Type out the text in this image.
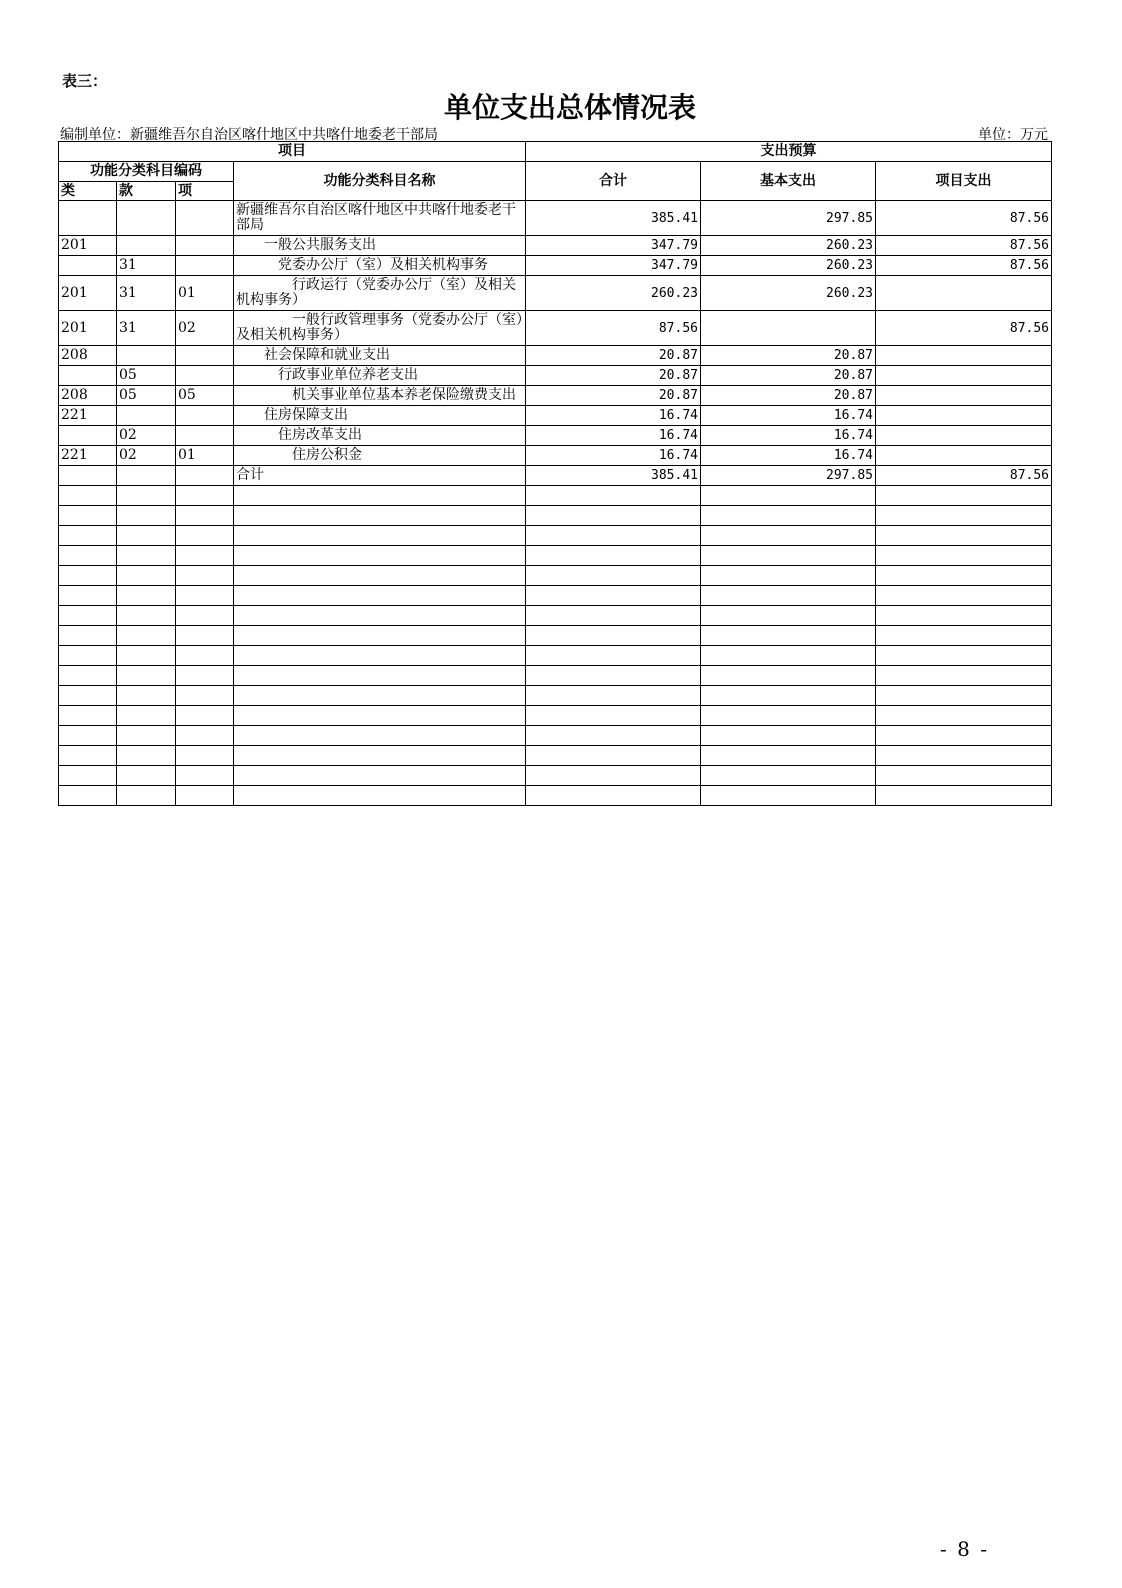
表三：
单位支出总体情况表
编制单位：新疆维吾尔自治区喀什地区中共喀什地委老干部局	单位：万元
项目				支出预算		
功能分类科目编码			功能分类科目名称	合计	基本支出	项目支出
类	款	项				
			新疆维吾尔自治区喀什地区中共喀什地委老干部局	385.41	297.85	87.56
201			　　一般公共服务支出	347.79	260.23	87.56
	31		　　　党委办公厅（室）及相关机构事务	347.79	260.23	87.56
201	31	01	　　　　行政运行（党委办公厅（室）及相关机构事务）	260.23	260.23	
201	31	02	　　　　一般行政管理事务（党委办公厅（室）及相关机构事务）	87.56		87.56
208			　　社会保障和就业支出	20.87	20.87	
	05		　　　行政事业单位养老支出	20.87	20.87	
208	05	05	　　　　机关事业单位基本养老保险缴费支出	20.87	20.87	
221			　　住房保障支出	16.74	16.74	
	02		　　　住房改革支出	16.74	16.74	
221	02	01	　　　　住房公积金	16.74	16.74	
			合计	385.41	297.85	87.56

- 8 -
